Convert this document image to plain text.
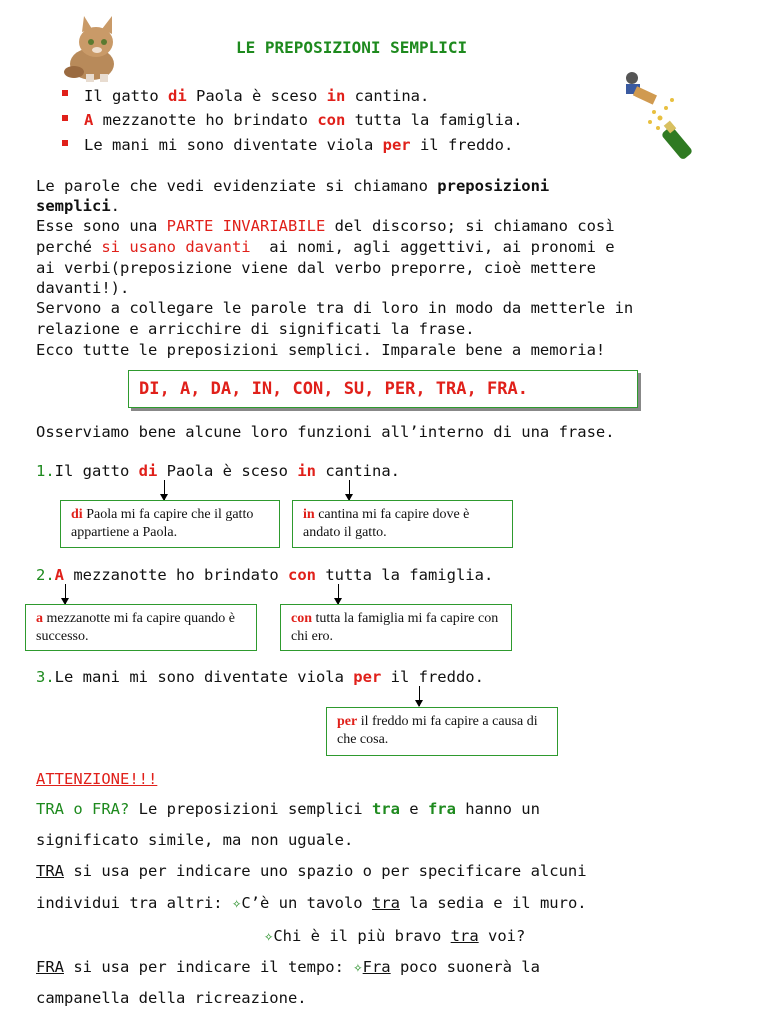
LE PREPOSIZIONI SEMPLICI
Il gatto di Paola è sceso in cantina.
A mezzanotte ho brindato con tutta la famiglia.
Le mani mi sono diventate viola per il freddo.
Le parole che vedi evidenziate si chiamano preposizioni
semplici.
Esse sono una PARTE INVARIABILE del discorso; si chiamano così
perché si usano davanti  ai nomi, agli aggettivi, ai pronomi e
ai verbi(preposizione viene dal verbo preporre, cioè mettere
davanti!).
Servono a collegare le parole tra di loro in modo da metterle in
relazione e arricchire di significati la frase.
Ecco tutte le preposizioni semplici. Imparale bene a memoria!
DI, A, DA, IN, CON, SU, PER, TRA, FRA.
Osserviamo bene alcune loro funzioni all’interno di una frase.
1.Il gatto di Paola è sceso in cantina.
di Paola mi fa capire che il gatto appartiene a Paola.
in cantina mi fa capire dove è andato il gatto.
2.A mezzanotte ho brindato con tutta la famiglia.
a mezzanotte mi fa capire quando è successo.
con tutta la famiglia mi fa capire con chi ero.
3.Le mani mi sono diventate viola per il freddo.
per il freddo mi fa capire a causa di che cosa.
ATTENZIONE!!!
TRA o FRA? Le preposizioni semplici tra e fra hanno un
significato simile, ma non uguale.
TRA si usa per indicare uno spazio o per specificare alcuni
individui tra altri: ✧C’è un tavolo tra la sedia e il muro.
✧Chi è il più bravo tra voi?
FRA si usa per indicare il tempo: ✧Fra poco suonerà la
campanella della ricreazione.
